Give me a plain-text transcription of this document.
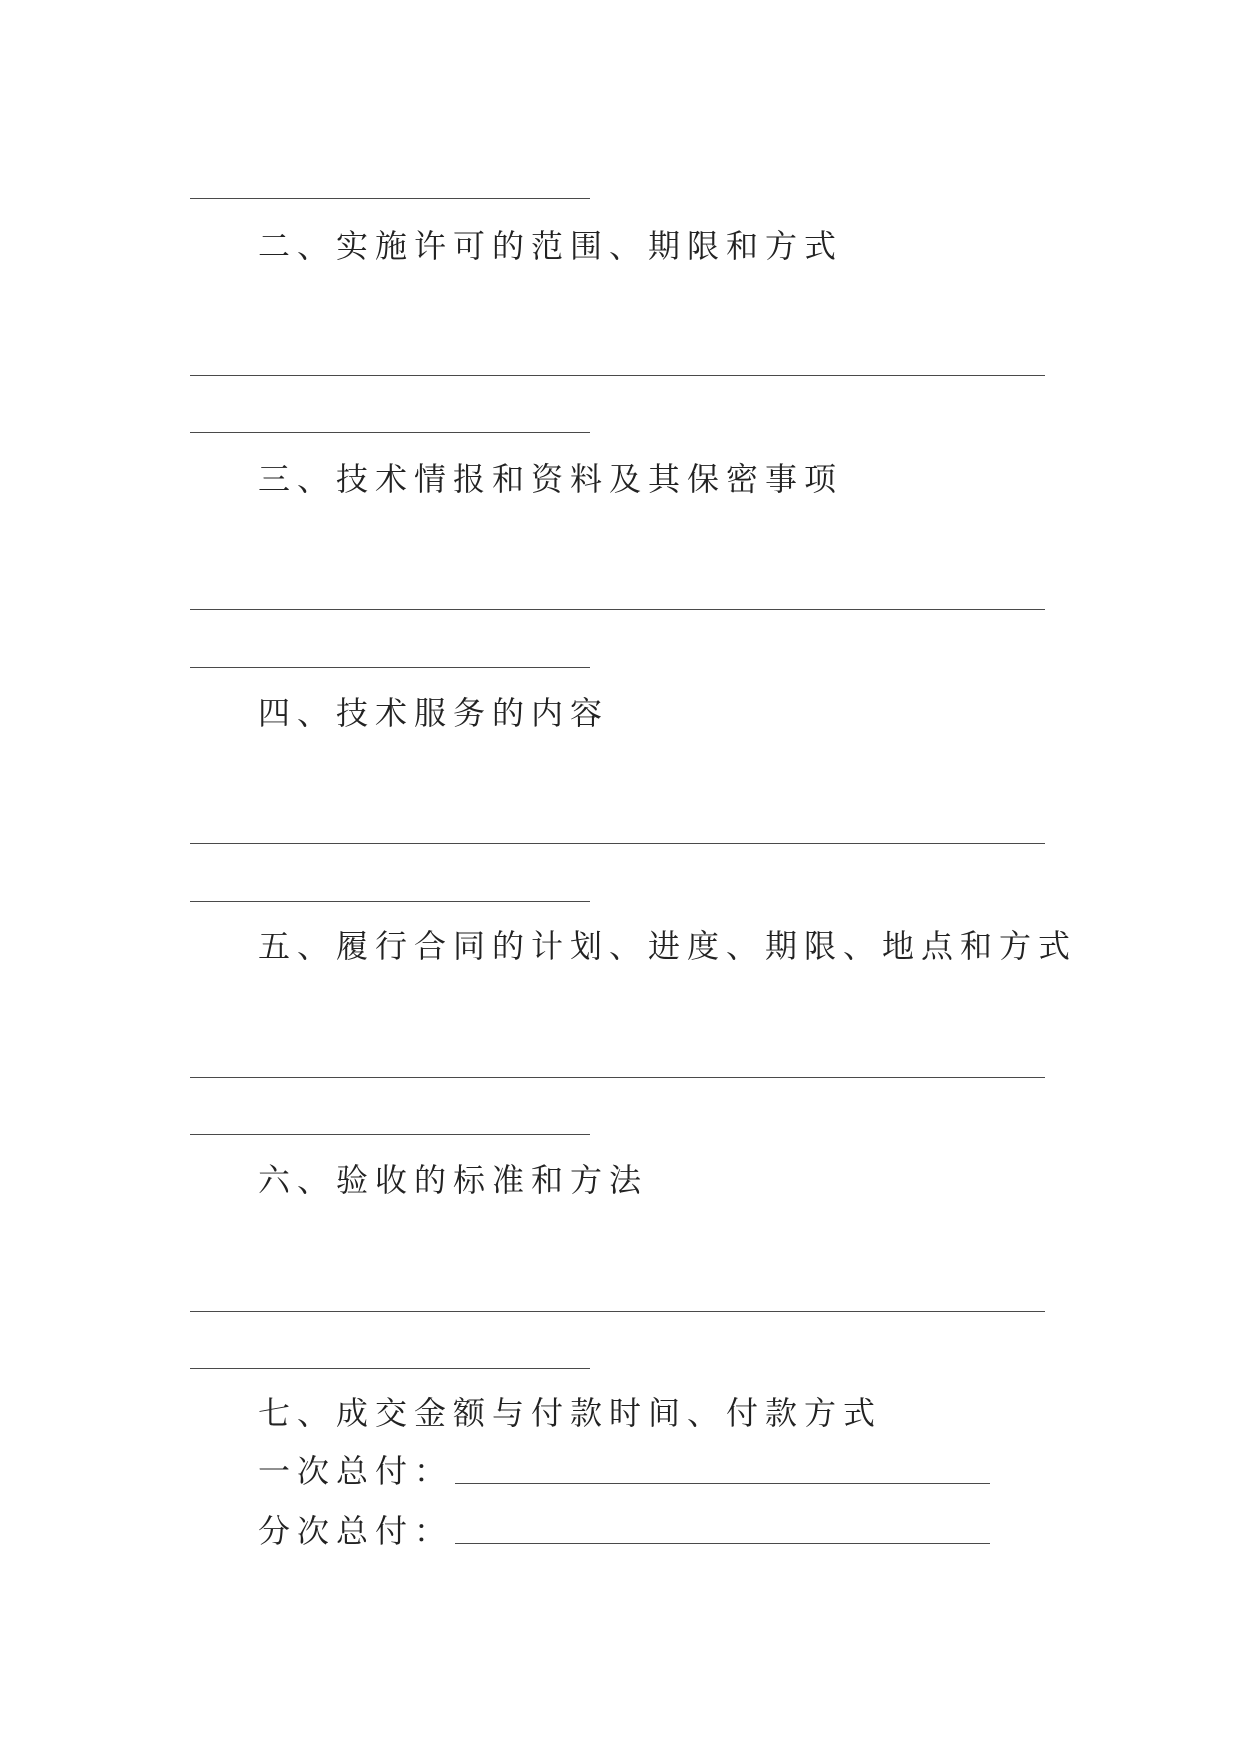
二、实施许可的范围、期限和方式
三、技术情报和资料及其保密事项
四、技术服务的内容
五、履行合同的计划、进度、期限、地点和方式
六、验收的标准和方法
七、成交金额与付款时间、付款方式
一次总付：
分次总付：
